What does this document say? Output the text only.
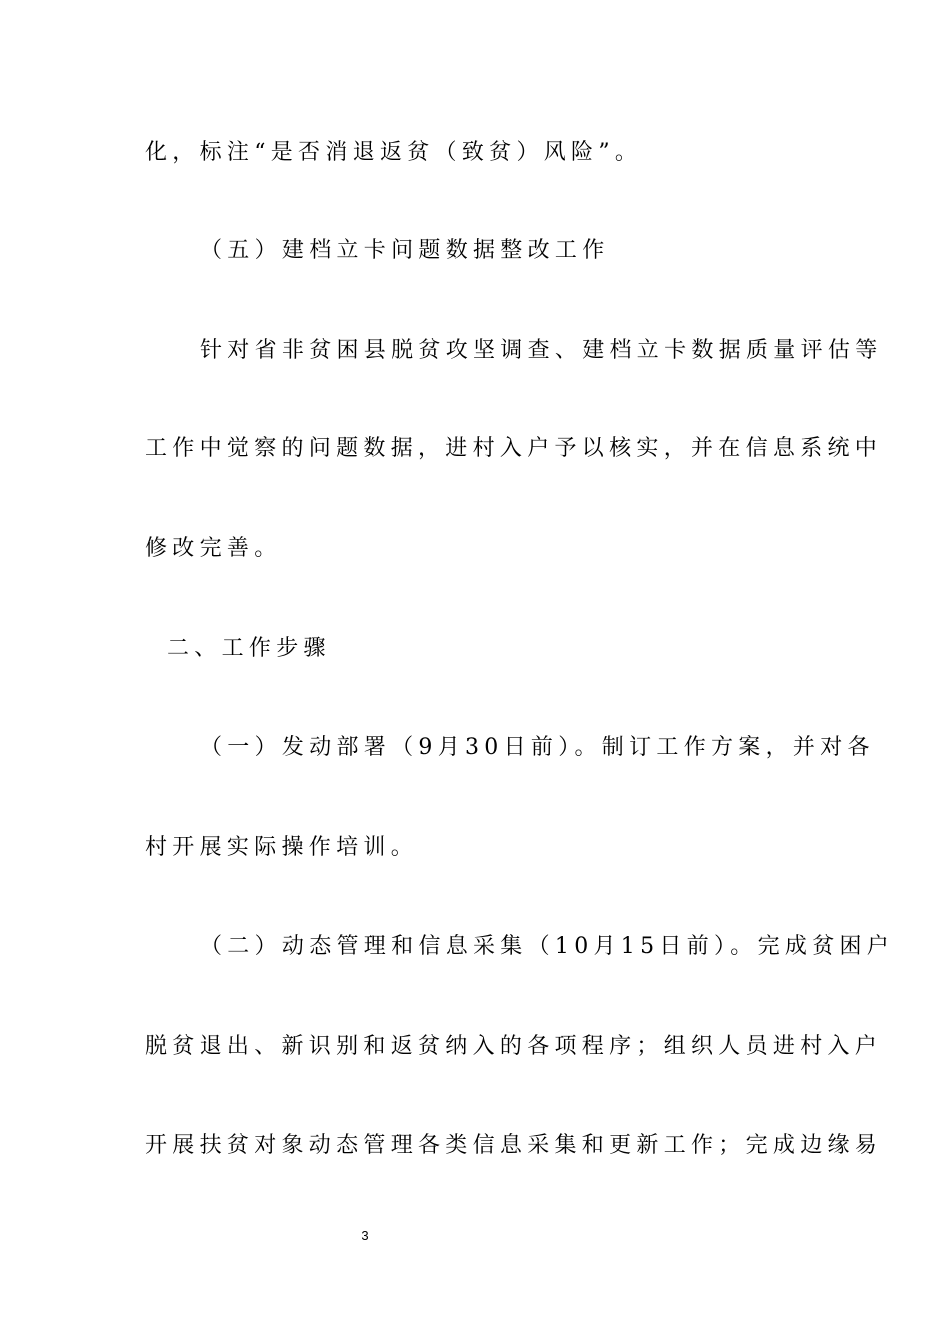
化，标注“是否消退返贫（致贫）风险”。
（五）建档立卡问题数据整改工作
针对省非贫困县脱贫攻坚调查、建档立卡数据质量评估等
工作中觉察的问题数据，进村入户予以核实，并在信息系统中
修改完善。
二、工作步骤
（一）发动部署（9月30日前）。制订工作方案，并对各
村开展实际操作培训。
（二）动态管理和信息采集（10月15日前）。完成贫困户
脱贫退出、新识别和返贫纳入的各项程序；组织人员进村入户
开展扶贫对象动态管理各类信息采集和更新工作；完成边缘易
3
